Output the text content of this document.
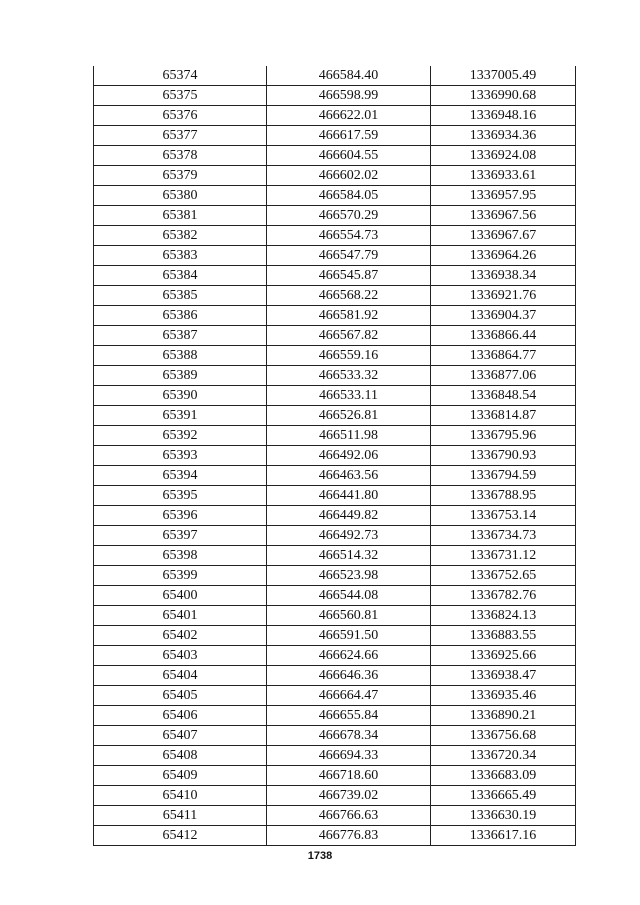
65374	466584.40	1337005.49
65375	466598.99	1336990.68
65376	466622.01	1336948.16
65377	466617.59	1336934.36
65378	466604.55	1336924.08
65379	466602.02	1336933.61
65380	466584.05	1336957.95
65381	466570.29	1336967.56
65382	466554.73	1336967.67
65383	466547.79	1336964.26
65384	466545.87	1336938.34
65385	466568.22	1336921.76
65386	466581.92	1336904.37
65387	466567.82	1336866.44
65388	466559.16	1336864.77
65389	466533.32	1336877.06
65390	466533.11	1336848.54
65391	466526.81	1336814.87
65392	466511.98	1336795.96
65393	466492.06	1336790.93
65394	466463.56	1336794.59
65395	466441.80	1336788.95
65396	466449.82	1336753.14
65397	466492.73	1336734.73
65398	466514.32	1336731.12
65399	466523.98	1336752.65
65400	466544.08	1336782.76
65401	466560.81	1336824.13
65402	466591.50	1336883.55
65403	466624.66	1336925.66
65404	466646.36	1336938.47
65405	466664.47	1336935.46
65406	466655.84	1336890.21
65407	466678.34	1336756.68
65408	466694.33	1336720.34
65409	466718.60	1336683.09
65410	466739.02	1336665.49
65411	466766.63	1336630.19
65412	466776.83	1336617.16
1738
